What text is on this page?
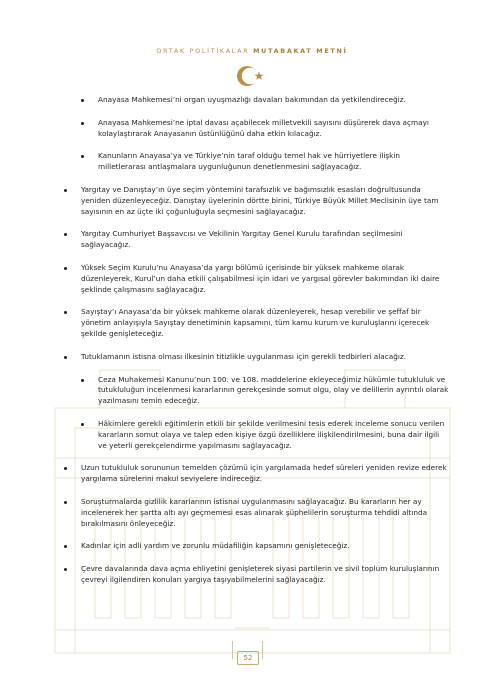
ORTAK POLİTİKALAR MUTABAKAT METNİ
Anayasa Mahkemesi’ni organ uyuşmazlığı davaları bakımından da yetkilendireceğiz.
Anayasa Mahkemesi’ne iptal davası açabilecek milletvekili sayısını düşürerek dava açmayı kolaylaştırarak Anayasanın üstünlüğünü daha etkin kılacağız.
Kanunların Anayasa’ya ve Türkiye’nin taraf olduğu temel hak ve hürriyetlere ilişkin milletlerarası antlaşmalara uygunluğunun denetlenmesini sağlayacağız.
Yargıtay ve Danıştay’ın üye seçim yöntemini tarafsızlık ve bağımsızlık esasları doğrultusunda yeniden düzenleyeceğiz. Danıştay üyelerinin dörtte birini, Türkiye Büyük Millet Meclisinin üye tam sayısının en az üçte iki çoğunluğuyla seçmesini sağlayacağız.
Yargıtay Cumhuriyet Başsavcısı ve Vekilinin Yargıtay Genel Kurulu tarafından seçilmesini sağlayacağız.
Yüksek Seçim Kurulu’nu Anayasa’da yargı bölümü içerisinde bir yüksek mahkeme olarak düzenleyerek, Kurul’un daha etkili çalışabilmesi için idari ve yargısal görevler bakımından iki daire şeklinde çalışmasını sağlayacağız.
Sayıştay’ı Anayasa’da bir yüksek mahkeme olarak düzenleyerek, hesap verebilir ve şeffaf bir yönetim anlayışıyla Sayıştay denetiminin kapsamını, tüm kamu kurum ve kuruluşlarını içerecek şekilde genişleteceğiz.
Tutuklamanın istisna olması ilkesinin titizlikle uygulanması için gerekli tedbirleri alacağız.
Ceza Muhakemesi Kanunu’nun 100. ve 108. maddelerine ekleyeceğimiz hükümle tutukluluk ve tutukluluğun incelenmesi kararlarının gerekçesinde somut olgu, olay ve delillerin ayrıntılı olarak yazılmasını temin edeceğiz.
Hâkimlere gerekli eğitimlerin etkili bir şekilde verilmesini tesis ederek inceleme sonucu verilen kararların somut olaya ve talep eden kişiye özgü özelliklere ilişkilendirilmesini, buna dair ilgili ve yeterli gerekçelendirme yapılmasını sağlayacağız.
Uzun tutukluluk sorununun temelden çözümü için yargılamada hedef süreleri yeniden revize ederek yargılama sürelerini makul seviyelere indireceğiz.
Soruşturmalarda gizlilik kararlarının istisnai uygulanmasını sağlayacağız. Bu kararların her ay incelenerek her şartta altı ayı geçmemesi esas alınarak şüphelilerin soruşturma tehdidi altında bırakılmasını önleyeceğiz.
Kadınlar için adli yardım ve zorunlu müdafiliğin kapsamını genişleteceğiz.
Çevre davalarında dava açma ehliyetini genişleterek siyasi partilerin ve sivil toplum kuruluşlarının çevreyi ilgilendiren konuları yargıya taşıyabilmelerini sağlayacağız.
52
